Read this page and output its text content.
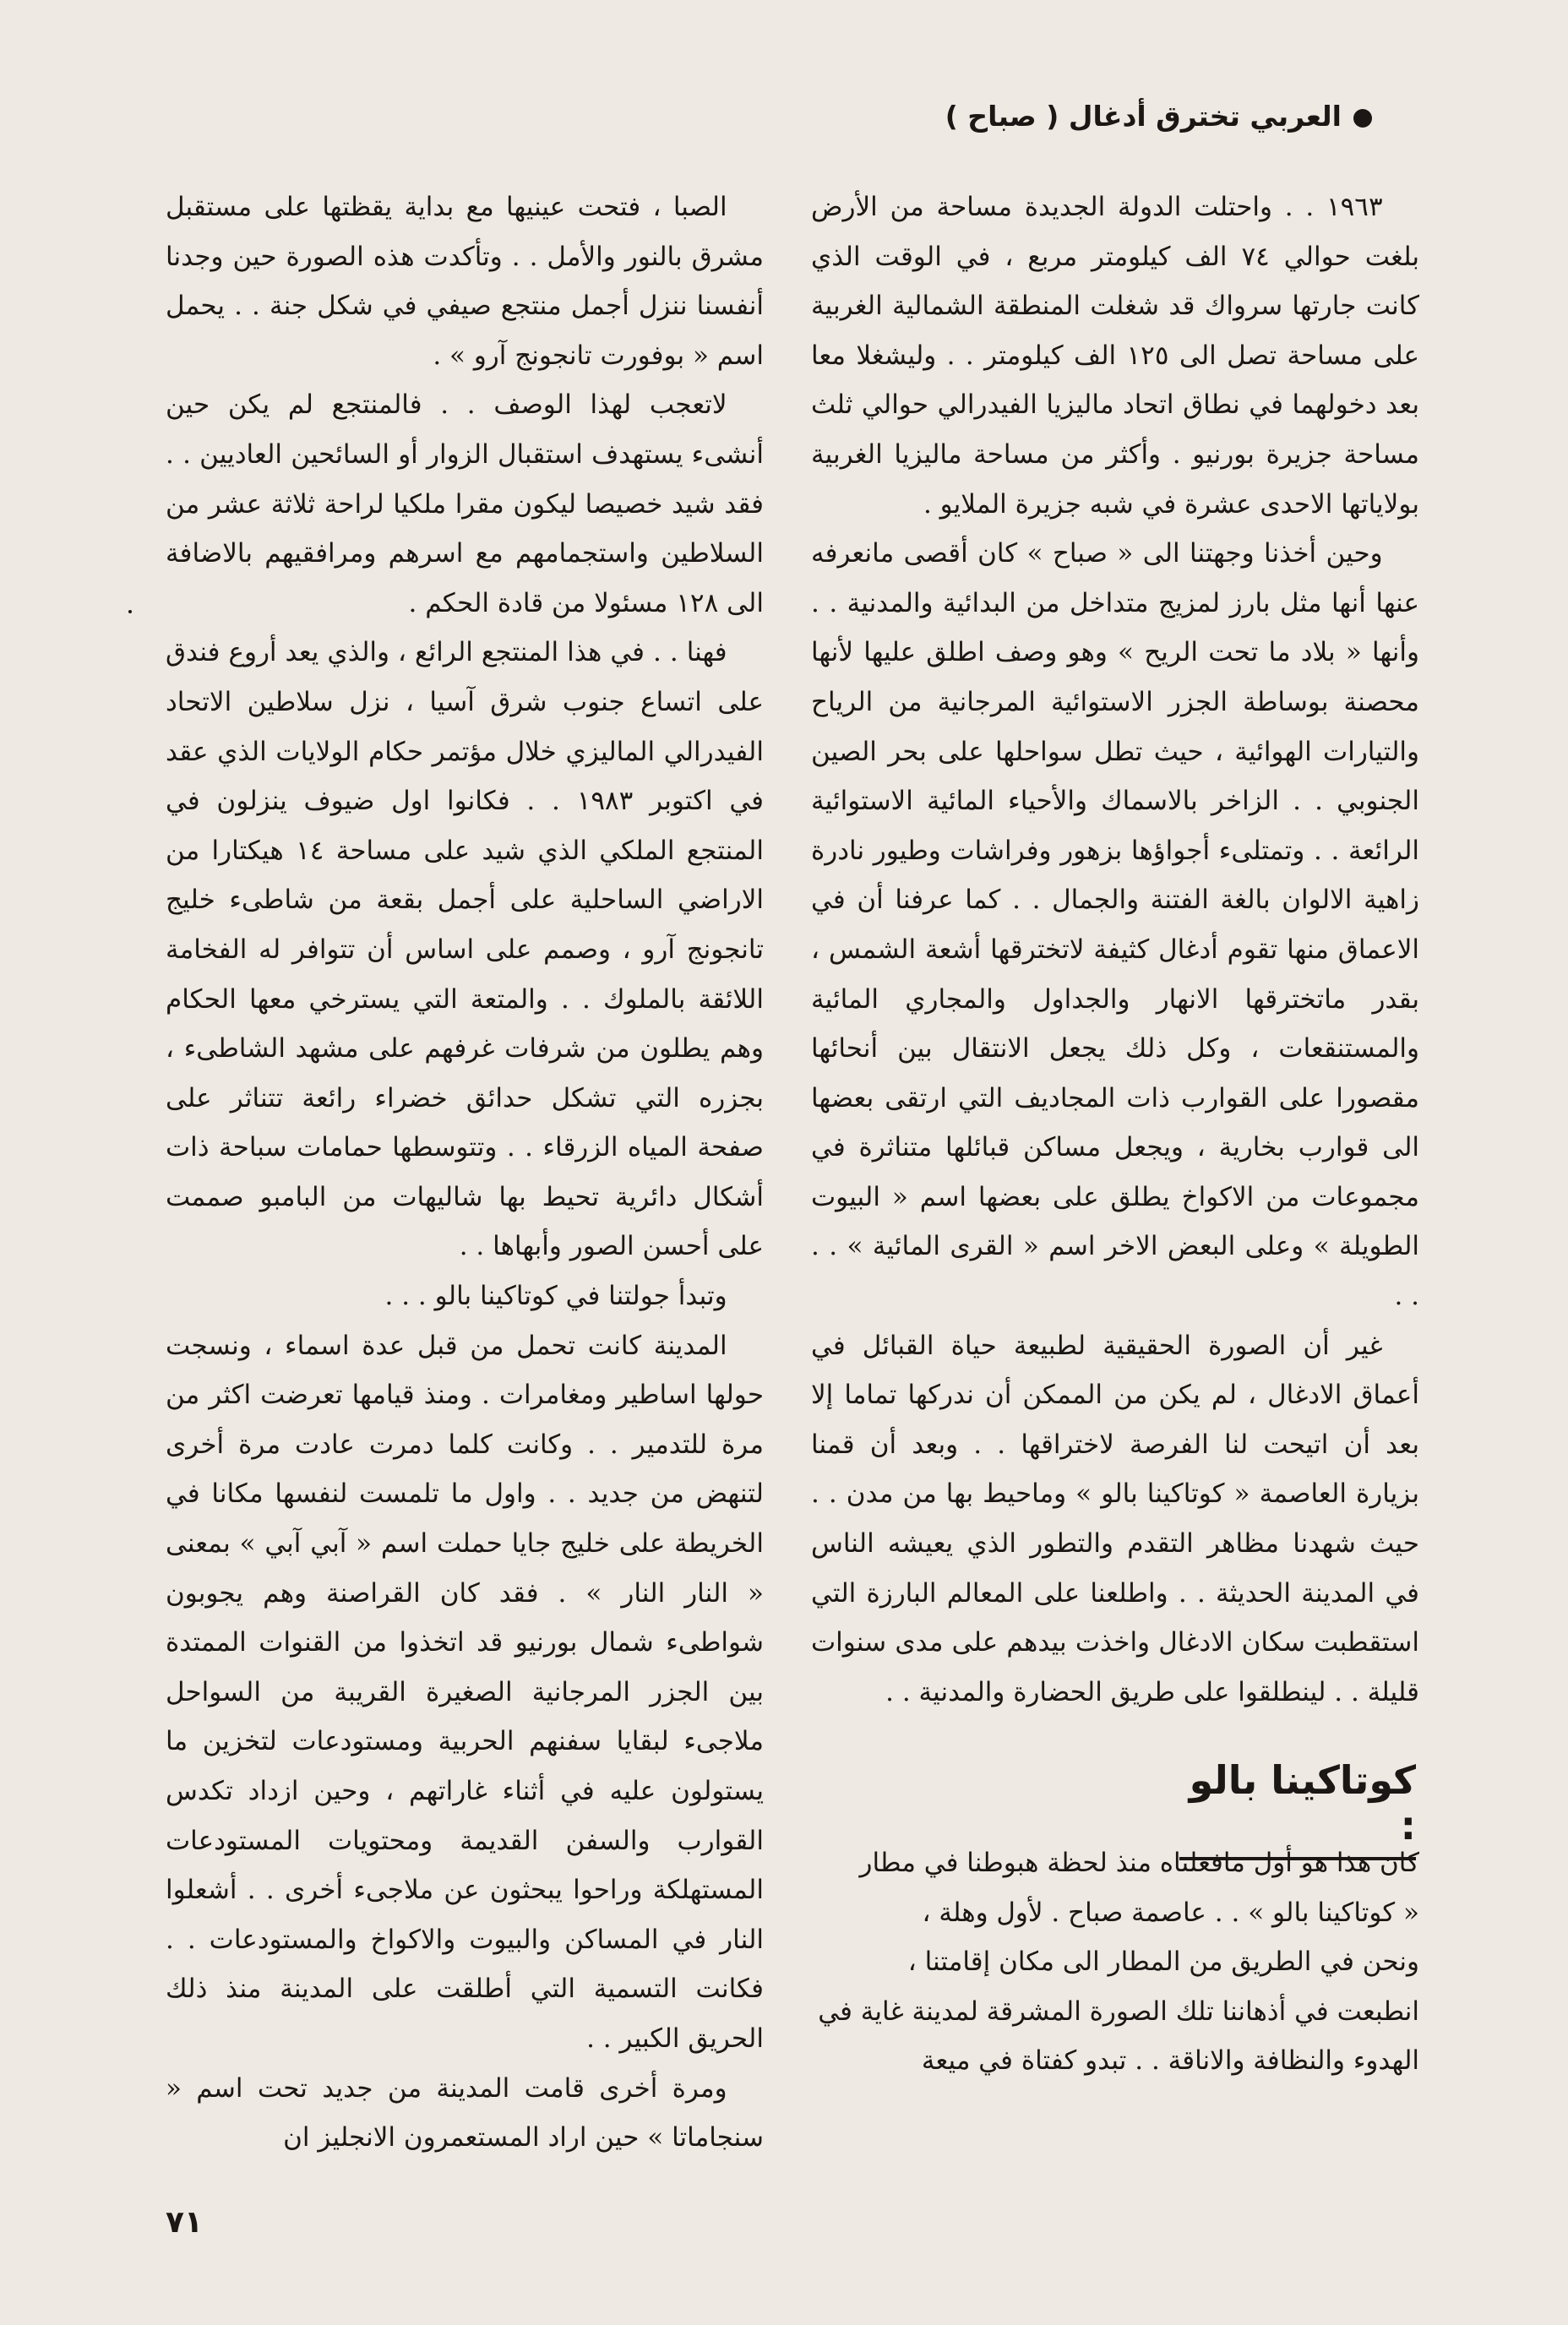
العربي تخترق أدغال ( صباح )

١٩٦٣ . . واحتلت الدولة الجديدة مساحة من الأرض بلغت حوالي ٧٤ الف كيلومتر مربع ، في الوقت الذي كانت جارتها سرواك قد شغلت المنطقة الشمالية الغربية على مساحة تصل الى ١٢٥ الف كيلومتر . . وليشغلا معا بعد دخولهما في نطاق اتحاد ماليزيا الفيدرالي حوالي ثلث مساحة جزيرة بورنيو . وأكثر من مساحة ماليزيا الغربية بولاياتها الاحدى عشرة في شبه جزيرة الملايو .

وحين أخذنا وجهتنا الى « صباح » كان أقصى مانعرفه عنها أنها مثل بارز لمزيج متداخل من البدائية والمدنية . . وأنها « بلاد ما تحت الريح » وهو وصف اطلق عليها لأنها محصنة بوساطة الجزر الاستوائية المرجانية من الرياح والتيارات الهوائية ، حيث تطل سواحلها على بحر الصين الجنوبي . . الزاخر بالاسماك والأحياء المائية الاستوائية الرائعة . . وتمتلىء أجواؤها بزهور وفراشات وطيور نادرة زاهية الالوان بالغة الفتنة والجمال . . كما عرفنا أن في الاعماق منها تقوم أدغال كثيفة لاتخترقها أشعة الشمس ، بقدر ماتخترقها الانهار والجداول والمجاري المائية والمستنقعات ، وكل ذلك يجعل الانتقال بين أنحائها مقصورا على القوارب ذات المجاديف التي ارتقى بعضها الى قوارب بخارية ، ويجعل مساكن قبائلها متناثرة في مجموعات من الاكواخ يطلق على بعضها اسم « البيوت الطويلة » وعلى البعض الاخر اسم « القرى المائية » . . . .

غير أن الصورة الحقيقية لطبيعة حياة القبائل في أعماق الادغال ، لم يكن من الممكن أن ندركها تماما إلا بعد أن اتيحت لنا الفرصة لاختراقها . . وبعد أن قمنا بزيارة العاصمة « كوتاكينا بالو » وماحيط بها من مدن . . حيث شهدنا مظاهر التقدم والتطور الذي يعيشه الناس في المدينة الحديثة . . واطلعنا على المعالم البارزة التي استقطبت سكان الادغال واخذت بيدهم على مدى سنوات قليلة . . لينطلقوا على طريق الحضارة والمدنية . .

كوتاكينا بالو :
كان هذا هو أول مافعلناه منذ لحظة هبوطنا في مطار
« كوتاكينا بالو » . . عاصمة صباح . لأول وهلة ،
ونحن في الطريق من المطار الى مكان إقامتنا ،
انطبعت في أذهاننا تلك الصورة المشرقة لمدينة غاية في
الهدوء والنظافة والاناقة . . تبدو كفتاة في ميعة

الصبا ، فتحت عينيها مع بداية يقظتها على مستقبل مشرق بالنور والأمل . . وتأكدت هذه الصورة حين وجدنا أنفسنا ننزل أجمل منتجع صيفي في شكل جنة . . يحمل اسم « بوفورت تانجونج آرو » .

لاتعجب لهذا الوصف . . فالمنتجع لم يكن حين أنشىء يستهدف استقبال الزوار أو السائحين العاديين . . فقد شيد خصيصا ليكون مقرا ملكيا لراحة ثلاثة عشر من السلاطين واستجمامهم مع اسرهم ومرافقيهم بالاضافة الى ١٢٨ مسئولا من قادة الحكم .

فهنا . . في هذا المنتجع الرائع ، والذي يعد أروع فندق على اتساع جنوب شرق آسيا ، نزل سلاطين الاتحاد الفيدرالي الماليزي خلال مؤتمر حكام الولايات الذي عقد في اكتوبر ١٩٨٣ . . فكانوا اول ضيوف ينزلون في المنتجع الملكي الذي شيد على مساحة ١٤ هيكتارا من الاراضي الساحلية على أجمل بقعة من شاطىء خليج تانجونج آرو ، وصمم على اساس أن تتوافر له الفخامة اللائقة بالملوك . . والمتعة التي يسترخي معها الحكام وهم يطلون من شرفات غرفهم على مشهد الشاطىء ، بجزره التي تشكل حدائق خضراء رائعة تتناثر على صفحة المياه الزرقاء . . وتتوسطها حمامات سباحة ذات أشكال دائرية تحيط بها شاليهات من البامبو صممت على أحسن الصور وأبهاها . .

وتبدأ جولتنا في كوتاكينا بالو . . .

المدينة كانت تحمل من قبل عدة اسماء ، ونسجت حولها اساطير ومغامرات . ومنذ قيامها تعرضت اكثر من مرة للتدمير . . وكانت كلما دمرت عادت مرة أخرى لتنهض من جديد . . واول ما تلمست لنفسها مكانا في الخريطة على خليج جايا حملت اسم « آبي آبي » بمعنى « النار النار » . فقد كان القراصنة وهم يجوبون شواطىء شمال بورنيو قد اتخذوا من القنوات الممتدة بين الجزر المرجانية الصغيرة القريبة من السواحل ملاجىء لبقايا سفنهم الحربية ومستودعات لتخزين ما يستولون عليه في أثناء غاراتهم ، وحين ازداد تكدس القوارب والسفن القديمة ومحتويات المستودعات المستهلكة وراحوا يبحثون عن ملاجىء أخرى . . أشعلوا النار في المساكن والبيوت والاكواخ والمستودعات . . فكانت التسمية التي أطلقت على المدينة منذ ذلك الحريق الكبير . .

ومرة أخرى قامت المدينة من جديد تحت اسم « سنجاماتا » حين اراد المستعمرون الانجليز ان

٧١
